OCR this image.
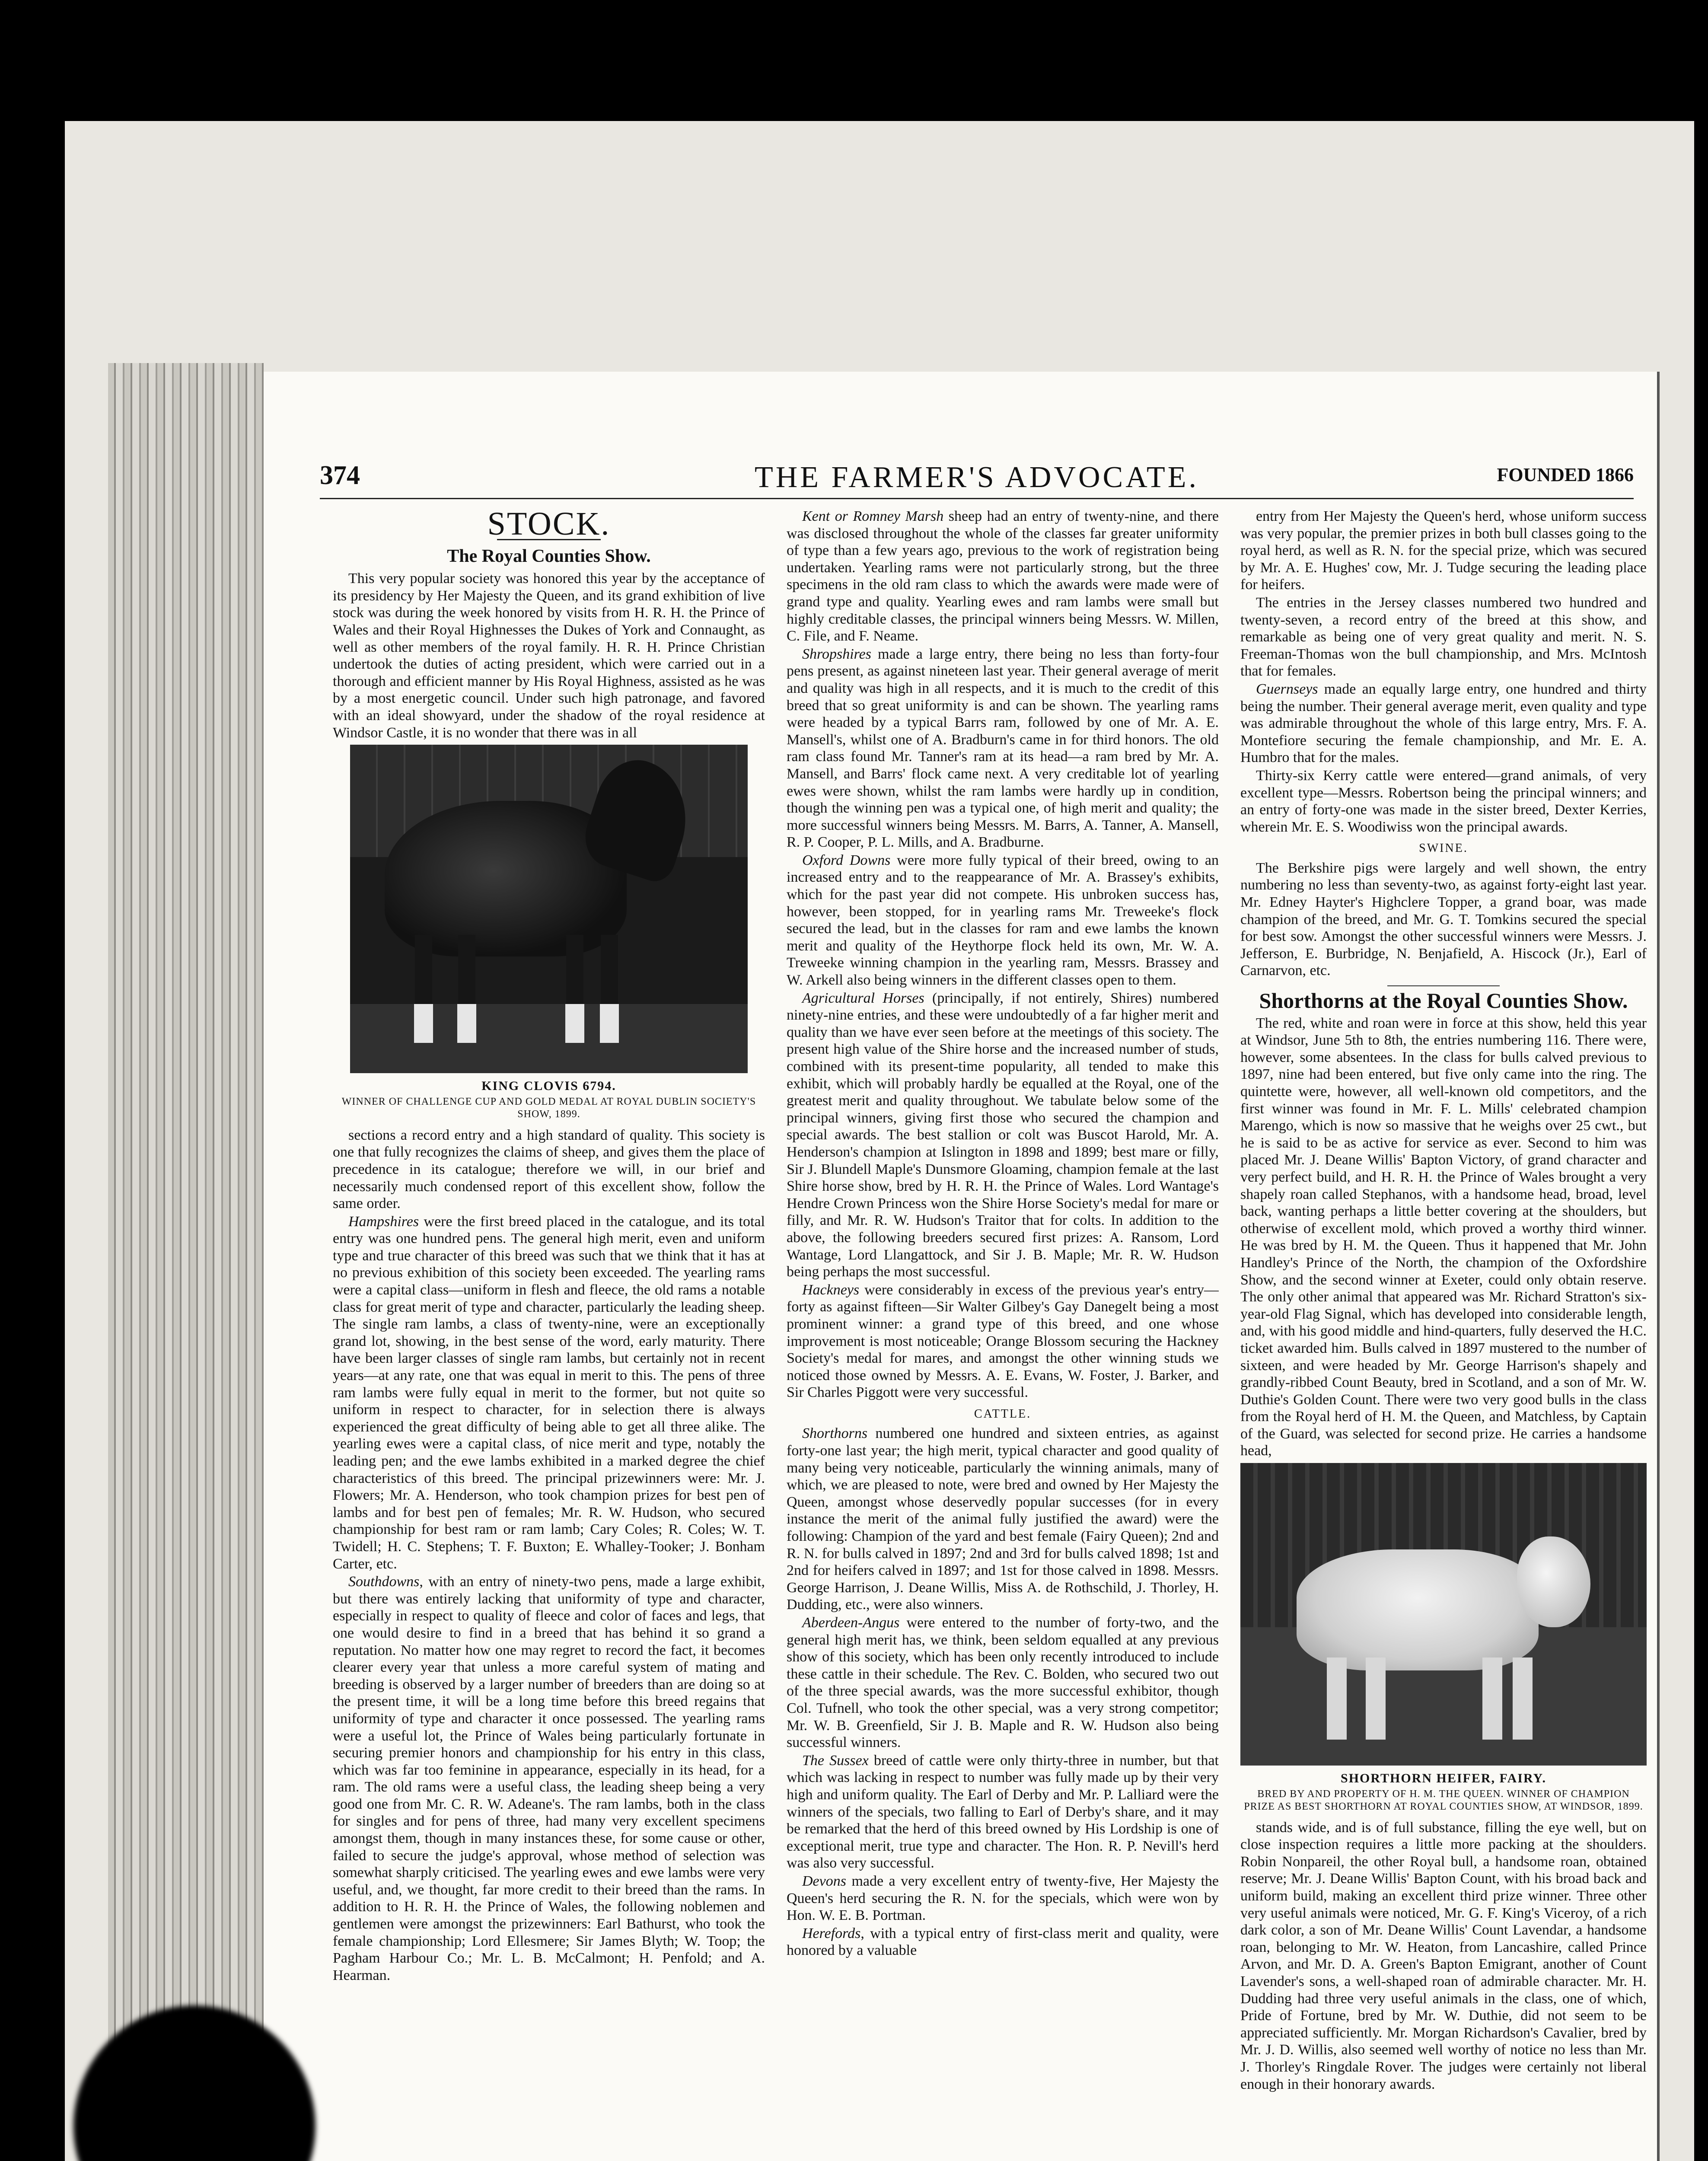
374	THE FARMER'S ADVOCATE.	FOUNDED 1866
STOCK.
The Royal Counties Show.

This very popular society was honored this year by the acceptance of its presidency by Her Majesty the Queen, and its grand exhibition of live stock was during the week honored by visits from H. R. H. the Prince of Wales and their Royal Highnesses the Dukes of York and Connaught, as well as other members of the royal family. H. R. H. Prince Christian undertook the duties of acting president, which were carried out in a thorough and efficient manner by His Royal Highness, assisted as he was by a most energetic council. Under such high patronage, and favored with an ideal showyard, under the shadow of the royal residence at Windsor Castle, it is no wonder that there was in all

KING CLOVIS 6794.
WINNER OF CHALLENGE CUP AND GOLD MEDAL AT ROYAL DUBLIN SOCIETY'S SHOW, 1899.

sections a record entry and a high standard of quality. This society is one that fully recognizes the claims of sheep, and gives them the place of precedence in its catalogue; therefore we will, in our brief and necessarily much condensed report of this excellent show, follow the same order.

Hampshires were the first breed placed in the catalogue, and its total entry was one hundred pens. The general high merit, even and uniform type and true character of this breed was such that we think that it has at no previous exhibition of this society been exceeded. The yearling rams were a capital class—uniform in flesh and fleece, the old rams a notable class for great merit of type and character, particularly the leading sheep. The single ram lambs, a class of twenty-nine, were an exceptionally grand lot, showing, in the best sense of the word, early maturity. There have been larger classes of single ram lambs, but certainly not in recent years—at any rate, one that was equal in merit to this. The pens of three ram lambs were fully equal in merit to the former, but not quite so uniform in respect to character, for in selection there is always experienced the great difficulty of being able to get all three alike. The yearling ewes were a capital class, of nice merit and type, notably the leading pen; and the ewe lambs exhibited in a marked degree the chief characteristics of this breed. The principal prizewinners were: Mr. J. Flowers; Mr. A. Henderson, who took champion prizes for best pen of lambs and for best pen of females; Mr. R. W. Hudson, who secured championship for best ram or ram lamb; Cary Coles; R. Coles; W. T. Twidell; H. C. Stephens; T. F. Buxton; E. Whalley-Tooker; J. Bonham Carter, etc.

Southdowns, with an entry of ninety-two pens, made a large exhibit, but there was entirely lacking that uniformity of type and character, especially in respect to quality of fleece and color of faces and legs, that one would desire to find in a breed that has behind it so grand a reputation. No matter how one may regret to record the fact, it becomes clearer every year that unless a more careful system of mating and breeding is observed by a larger number of breeders than are doing so at the present time, it will be a long time before this breed regains that uniformity of type and character it once possessed. The yearling rams were a useful lot, the Prince of Wales being particularly fortunate in securing premier honors and championship for his entry in this class, which was far too feminine in appearance, especially in its head, for a ram. The old rams were a useful class, the leading sheep being a very good one from Mr. C. R. W. Adeane's. The ram lambs, both in the class for singles and for pens of three, had many very excellent specimens amongst them, though in many instances these, for some cause or other, failed to secure the judge's approval, whose method of selection was somewhat sharply criticised. The yearling ewes and ewe lambs were very useful, and, we thought, far more credit to their breed than the rams. In addition to H. R. H. the Prince of Wales, the following noblemen and gentlemen were amongst the prizewinners: Earl Bathurst, who took the female championship; Lord Ellesmere; Sir James Blyth; W. Toop; the Pagham Harbour Co.; Mr. L. B. McCalmont; H. Penfold; and A. Hearman.

Kent or Romney Marsh sheep had an entry of twenty-nine, and there was disclosed throughout the whole of the classes far greater uniformity of type than a few years ago, previous to the work of registration being undertaken. Yearling rams were not particularly strong, but the three specimens in the old ram class to which the awards were made were of grand type and quality. Yearling ewes and ram lambs were small but highly creditable classes, the principal winners being Messrs. W. Millen, C. File, and F. Neame.

Shropshires made a large entry, there being no less than forty-four pens present, as against nineteen last year. Their general average of merit and quality was high in all respects, and it is much to the credit of this breed that so great uniformity is and can be shown. The yearling rams were headed by a typical Barrs ram, followed by one of Mr. A. E. Mansell's, whilst one of A. Bradburn's came in for third honors. The old ram class found Mr. Tanner's ram at its head—a ram bred by Mr. A. Mansell, and Barrs' flock came next. A very creditable lot of yearling ewes were shown, whilst the ram lambs were hardly up in condition, though the winning pen was a typical one, of high merit and quality; the more successful winners being Messrs. M. Barrs, A. Tanner, A. Mansell, R. P. Cooper, P. L. Mills, and A. Bradburne.

Oxford Downs were more fully typical of their breed, owing to an increased entry and to the reappearance of Mr. A. Brassey's exhibits, which for the past year did not compete. His unbroken success has, however, been stopped, for in yearling rams Mr. Treweeke's flock secured the lead, but in the classes for ram and ewe lambs the known merit and quality of the Heythorpe flock held its own, Mr. W. A. Treweeke winning champion in the yearling ram, Messrs. Brassey and W. Arkell also being winners in the different classes open to them.

Agricultural Horses (principally, if not entirely, Shires) numbered ninety-nine entries, and these were undoubtedly of a far higher merit and quality than we have ever seen before at the meetings of this society. The present high value of the Shire horse and the increased number of studs, combined with its present-time popularity, all tended to make this exhibit, which will probably hardly be equalled at the Royal, one of the greatest merit and quality throughout. We tabulate below some of the principal winners, giving first those who secured the champion and special awards. The best stallion or colt was Buscot Harold, Mr. A. Henderson's champion at Islington in 1898 and 1899; best mare or filly, Sir J. Blundell Maple's Dunsmore Gloaming, champion female at the last Shire horse show, bred by H. R. H. the Prince of Wales. Lord Wantage's Hendre Crown Princess won the Shire Horse Society's medal for mare or filly, and Mr. R. W. Hudson's Traitor that for colts. In addition to the above, the following breeders secured first prizes: A. Ransom, Lord Wantage, Lord Llangattock, and Sir J. B. Maple; Mr. R. W. Hudson being perhaps the most successful.

Hackneys were considerably in excess of the previous year's entry—forty as against fifteen—Sir Walter Gilbey's Gay Danegelt being a most prominent winner: a grand type of this breed, and one whose improvement is most noticeable; Orange Blossom securing the Hackney Society's medal for mares, and amongst the other winning studs we noticed those owned by Messrs. A. E. Evans, W. Foster, J. Barker, and Sir Charles Piggott were very successful.

CATTLE.

Shorthorns numbered one hundred and sixteen entries, as against forty-one last year; the high merit, typical character and good quality of many being very noticeable, particularly the winning animals, many of which, we are pleased to note, were bred and owned by Her Majesty the Queen, amongst whose deservedly popular successes (for in every instance the merit of the animal fully justified the award) were the following: Champion of the yard and best female (Fairy Queen); 2nd and R. N. for bulls calved in 1897; 2nd and 3rd for bulls calved 1898; 1st and 2nd for heifers calved in 1897; and 1st for those calved in 1898. Messrs. George Harrison, J. Deane Willis, Miss A. de Rothschild, J. Thorley, H. Dudding, etc., were also winners.

Aberdeen-Angus were entered to the number of forty-two, and the general high merit has, we think, been seldom equalled at any previous show of this society, which has been only recently introduced to include these cattle in their schedule. The Rev. C. Bolden, who secured two out of the three special awards, was the more successful exhibitor, though Col. Tufnell, who took the other special, was a very strong competitor; Mr. W. B. Greenfield, Sir J. B. Maple and R. W. Hudson also being successful winners.

The Sussex breed of cattle were only thirty-three in number, but that which was lacking in respect to number was fully made up by their very high and uniform quality. The Earl of Derby and Mr. P. Lalliard were the winners of the specials, two falling to Earl of Derby's share, and it may be remarked that the herd of this breed owned by His Lordship is one of exceptional merit, true type and character. The Hon. R. P. Nevill's herd was also very successful.

Devons made a very excellent entry of twenty-five, Her Majesty the Queen's herd securing the R. N. for the specials, which were won by Hon. W. E. B. Portman.

Herefords, with a typical entry of first-class merit and quality, were honored by a valuable

entry from Her Majesty the Queen's herd, whose uniform success was very popular, the premier prizes in both bull classes going to the royal herd, as well as R. N. for the special prize, which was secured by Mr. A. E. Hughes' cow, Mr. J. Tudge securing the leading place for heifers.

The entries in the Jersey classes numbered two hundred and twenty-seven, a record entry of the breed at this show, and remarkable as being one of very great quality and merit. N. S. Freeman-Thomas won the bull championship, and Mrs. McIntosh that for females.

Guernseys made an equally large entry, one hundred and thirty being the number. Their general average merit, even quality and type was admirable throughout the whole of this large entry, Mrs. F. A. Montefiore securing the female championship, and Mr. E. A. Humbro that for the males.

Thirty-six Kerry cattle were entered—grand animals, of very excellent type—Messrs. Robertson being the principal winners; and an entry of forty-one was made in the sister breed, Dexter Kerries, wherein Mr. E. S. Woodiwiss won the principal awards.

SWINE.

The Berkshire pigs were largely and well shown, the entry numbering no less than seventy-two, as against forty-eight last year. Mr. Edney Hayter's Highclere Topper, a grand boar, was made champion of the breed, and Mr. G. T. Tomkins secured the special for best sow. Amongst the other successful winners were Messrs. J. Jefferson, E. Burbridge, N. Benjafield, A. Hiscock (Jr.), Earl of Carnarvon, etc.

Shorthorns at the Royal Counties Show.

The red, white and roan were in force at this show, held this year at Windsor, June 5th to 8th, the entries numbering 116. There were, however, some absentees. In the class for bulls calved previous to 1897, nine had been entered, but five only came into the ring. The quintette were, however, all well-known old competitors, and the first winner was found in Mr. F. L. Mills' celebrated champion Marengo, which is now so massive that he weighs over 25 cwt., but he is said to be as active for service as ever. Second to him was placed Mr. J. Deane Willis' Bapton Victory, of grand character and very perfect build, and H. R. H. the Prince of Wales brought a very shapely roan called Stephanos, with a handsome head, broad, level back, wanting perhaps a little better covering at the shoulders, but otherwise of excellent mold, which proved a worthy third winner. He was bred by H. M. the Queen. Thus it happened that Mr. John Handley's Prince of the North, the champion of the Oxfordshire Show, and the second winner at Exeter, could only obtain reserve. The only other animal that appeared was Mr. Richard Stratton's six-year-old Flag Signal, which has developed into considerable length, and, with his good middle and hind-quarters, fully deserved the H.C. ticket awarded him. Bulls calved in 1897 mustered to the number of sixteen, and were headed by Mr. George Harrison's shapely and grandly-ribbed Count Beauty, bred in Scotland, and a son of Mr. W. Duthie's Golden Count. There were two very good bulls in the class from the Royal herd of H. M. the Queen, and Matchless, by Captain of the Guard, was selected for second prize. He carries a handsome head,

SHORTHORN HEIFER, FAIRY.
BRED BY AND PROPERTY OF H. M. THE QUEEN. WINNER OF CHAMPION PRIZE AS BEST SHORTHORN AT ROYAL COUNTIES SHOW, AT WINDSOR, 1899.

stands wide, and is of full substance, filling the eye well, but on close inspection requires a little more packing at the shoulders. Robin Nonpareil, the other Royal bull, a handsome roan, obtained reserve; Mr. J. Deane Willis' Bapton Count, with his broad back and uniform build, making an excellent third prize winner. Three other very useful animals were noticed, Mr. G. F. King's Viceroy, of a rich dark color, a son of Mr. Deane Willis' Count Lavendar, a handsome roan, belonging to Mr. W. Heaton, from Lancashire, called Prince Arvon, and Mr. D. A. Green's Bapton Emigrant, another of Count Lavender's sons, a well-shaped roan of admirable character. Mr. H. Dudding had three very useful animals in the class, one of which, Pride of Fortune, bred by Mr. W. Duthie, did not seem to be appreciated sufficiently. Mr. Morgan Richardson's Cavalier, bred by Mr. J. D. Willis, also seemed well worthy of notice no less than Mr. J. Thorley's Ringdale Rover. The judges were certainly not liberal enough in their honorary awards.
